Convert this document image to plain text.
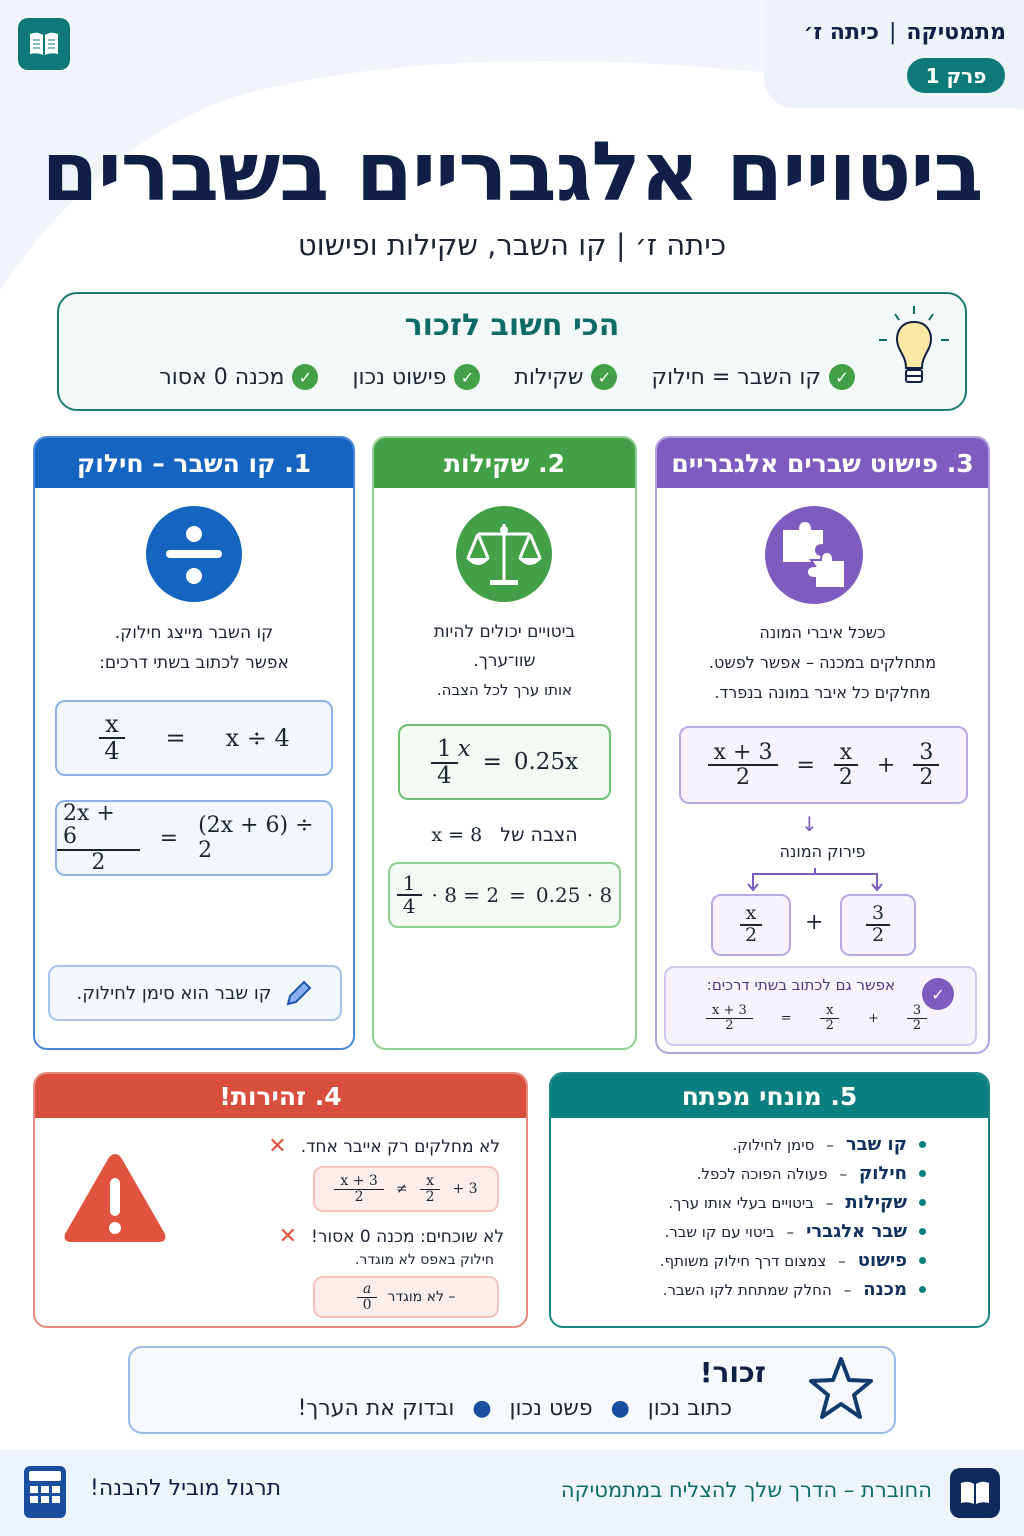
מתמטיקה
|
כיתה ז׳
פרק 1
ביטויים אלגבריים בשברים
כיתה ז׳ | קו השבר, שקילות ופישוט
הכי חשוב לזכור
✓
קו השבר = חילוק
✓
שקילות
✓
פישוט נכון
✓
מכנה 0 אסור
1. קו השבר – חילוק
קו השבר מייצג חילוק.
אפשר לכתוב בשתי דרכים:
$\frac{x}{4} = x \div 4$
$\frac{2x + 6}{2} = (2x + 6) \div 2$
קו שבר הוא סימן לחילוק.
2. שקילות
ביטויים יכולים להיות
שוו־ערך.
אותו ערך לכל הצבה.
$\frac{1}{4}$ x = 0.25x
הצבה של
x = 8
$\frac{1}{4} \cdot 8 = 2 = 0.25 \cdot 8$
3. פישוט שברים אלגבריים
כשכל איברי המונה
מתחלקים במכנה – אפשר לפשט.
מחלקים כל איבר במונה בנפרד.
$\frac{x + 3}{2} = \frac{x}{2} + \frac{3}{2}$
↓
פירוק המונה
$\frac{x}{2} + \frac{3}{2}$
✓
אפשר גם לכתוב בשתי דרכים:
$\frac{x + 3}{2} = \frac{x}{2} + \frac{3}{2}$
4. זהירות!
לא מחלקים רק אייבר אחד.
✕
$\frac{x + 3}{2} \ne \frac{x}{2} + 3$
לא שוכחים: מכנה 0 אסור!
✕
חילוק באפס לא מוגדר.
$\frac{a}{0}$ – לא מוגדר
5. מונחי מפתח
קו שבר
–
סימן לחילוק.
חילוק
–
פעולה הפוכה לכפל.
שקילות
–
ביטויים בעלי אותו ערך.
שבר אלגברי
–
ביטוי עם קו שבר.
פישוט
–
צמצום דרך חילוק משותף.
מכנה
–
החלק שמתחת לקו השבר.
זכור!
כתוב נכון
●
פשט נכון
●
ובדוק את הערך!
החוברת – הדרך שלך להצליח במתמטיקה
תרגול מוביל להבנה!
